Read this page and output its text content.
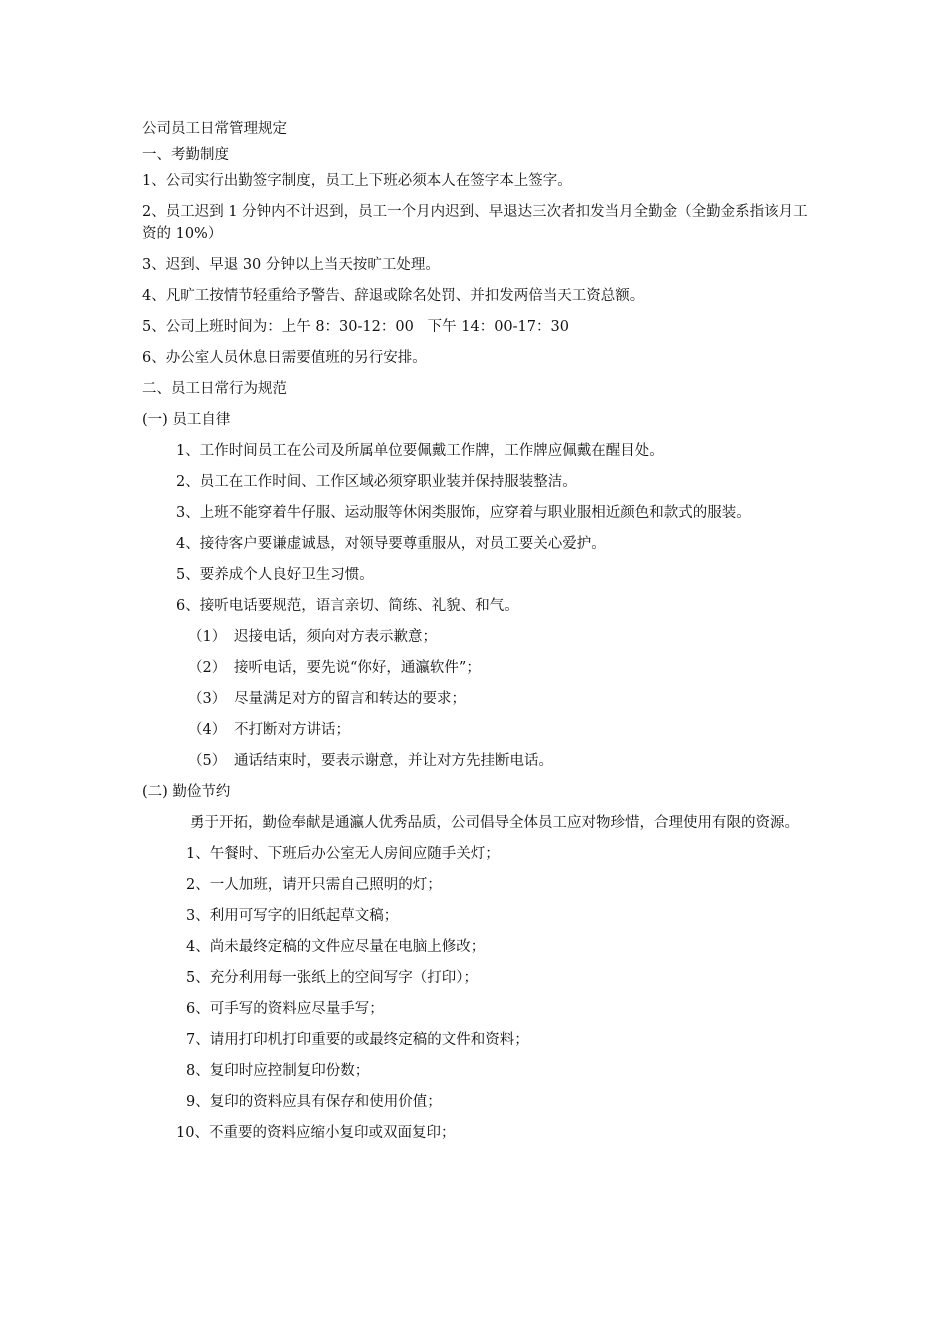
公司员工日常管理规定
一、考勤制度
1、公司实行出勤签字制度，员工上下班必须本人在签字本上签字。
2、员工迟到 1 分钟内不计迟到，员工一个月内迟到、早退达三次者扣发当月全勤金（全勤金系指该月工资的 10%）
3、迟到、早退 30 分钟以上当天按旷工处理。
4、凡旷工按情节轻重给予警告、辞退或除名处罚、并扣发两倍当天工资总额。
5、公司上班时间为：上午 8：30-12：00   下午 14：00-17：30
6、办公室人员休息日需要值班的另行安排。
二、员工日常行为规范
(一) 员工自律
1、工作时间员工在公司及所属单位要佩戴工作牌，工作牌应佩戴在醒目处。
2、员工在工作时间、工作区域必须穿职业装并保持服装整洁。
3、上班不能穿着牛仔服、运动服等休闲类服饰，应穿着与职业服相近颜色和款式的服装。
4、接待客户要谦虚诚恳，对领导要尊重服从，对员工要关心爱护。
5、要养成个人良好卫生习惯。
6、接听电话要规范，语言亲切、简练、礼貌、和气。
（1） 迟接电话，须向对方表示歉意；
（2） 接听电话，要先说“你好，通瀛软件”；
（3） 尽量满足对方的留言和转达的要求；
（4） 不打断对方讲话；
（5） 通话结束时，要表示谢意，并让对方先挂断电话。
(二) 勤俭节约
勇于开拓，勤俭奉献是通瀛人优秀品质，公司倡导全体员工应对物珍惜，合理使用有限的资源。
1、午餐时、下班后办公室无人房间应随手关灯；
2、一人加班，请开只需自己照明的灯；
3、利用可写字的旧纸起草文稿；
4、尚未最终定稿的文件应尽量在电脑上修改；
5、充分利用每一张纸上的空间写字（打印）；
6、可手写的资料应尽量手写；
7、请用打印机打印重要的或最终定稿的文件和资料；
8、复印时应控制复印份数；
9、复印的资料应具有保存和使用价值；
10、不重要的资料应缩小复印或双面复印；
